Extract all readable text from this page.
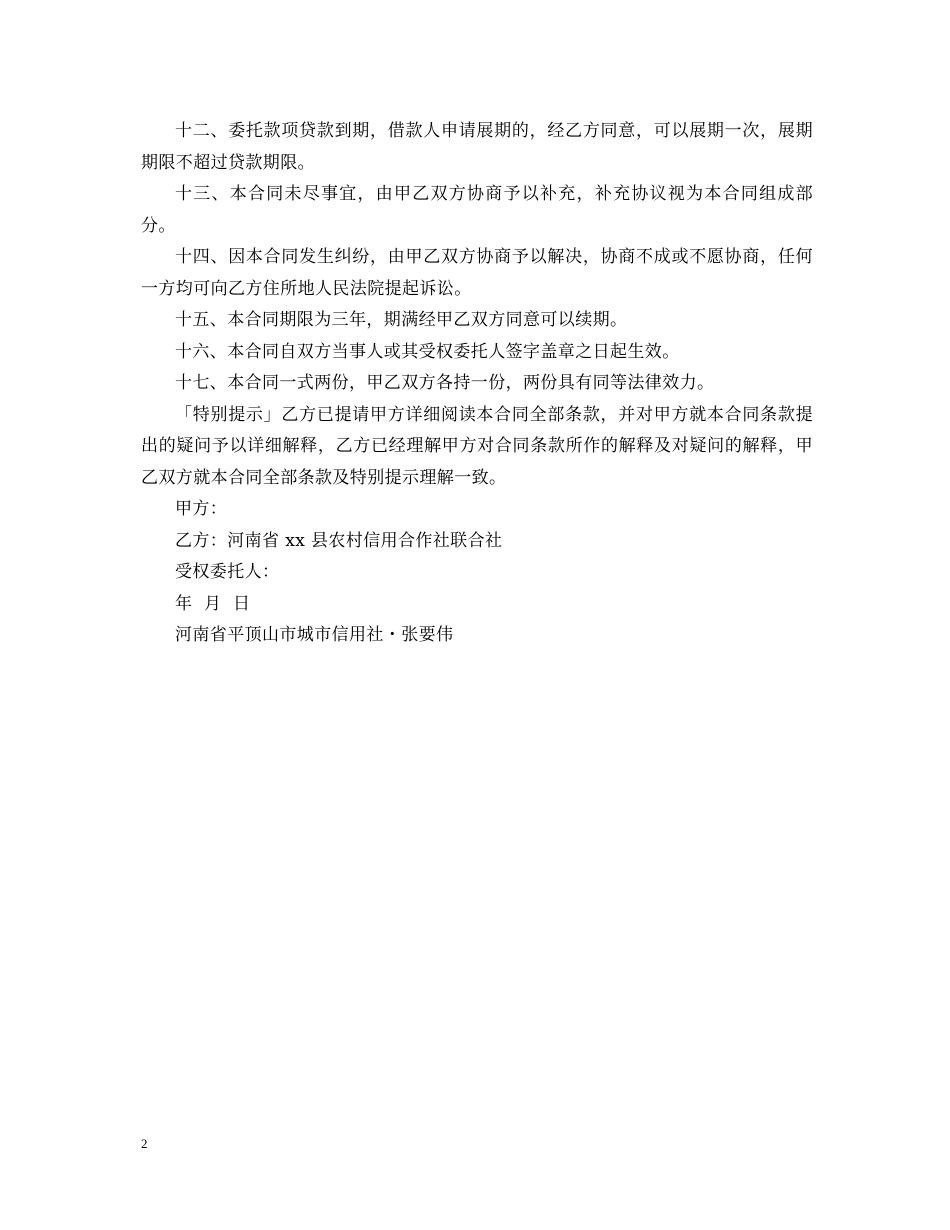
十二、委托款项贷款到期，借款人申请展期的，经乙方同意，可以展期一次，展期期限不超过贷款期限。

十三、本合同未尽事宜，由甲乙双方协商予以补充，补充协议视为本合同组成部分。

十四、因本合同发生纠纷，由甲乙双方协商予以解决，协商不成或不愿协商，任何一方均可向乙方住所地人民法院提起诉讼。

十五、本合同期限为三年，期满经甲乙双方同意可以续期。

十六、本合同自双方当事人或其受权委托人签字盖章之日起生效。

十七、本合同一式两份，甲乙双方各持一份，两份具有同等法律效力。

「特别提示」乙方已提请甲方详细阅读本合同全部条款，并对甲方就本合同条款提出的疑问予以详细解释，乙方已经理解甲方对合同条款所作的解释及对疑问的解释，甲乙双方就本合同全部条款及特别提示理解一致。

甲方：

乙方：河南省 xx 县农村信用合作社联合社

受权委托人：

年  月  日

河南省平顶山市城市信用社・张要伟

2
